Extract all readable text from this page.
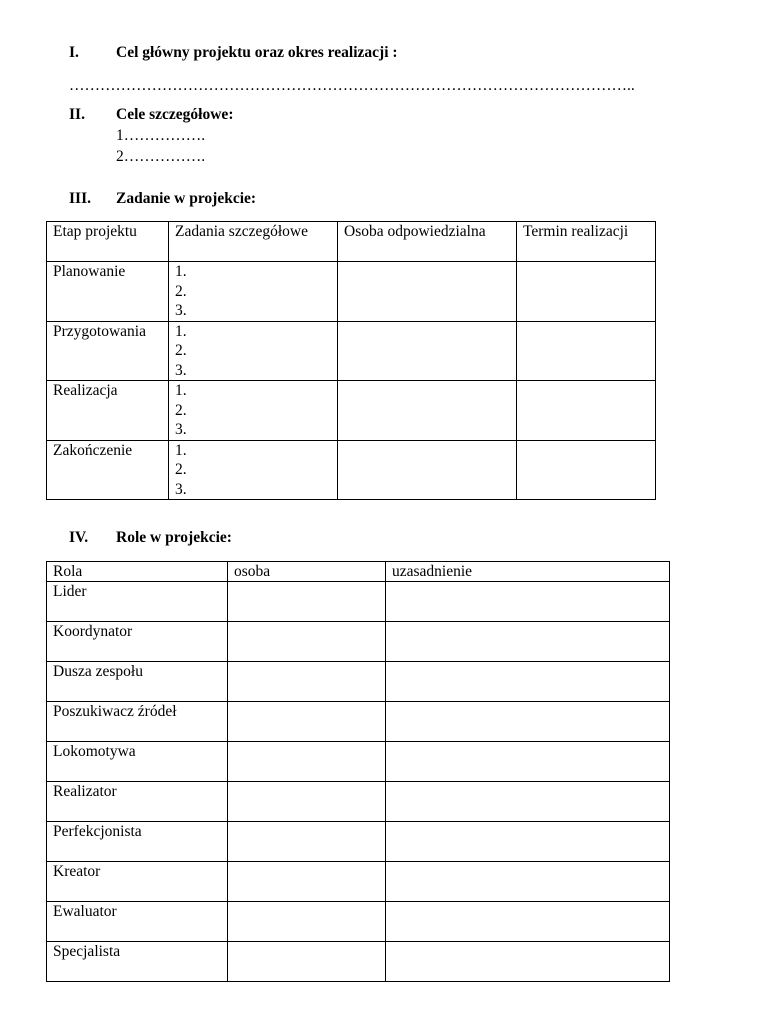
I. Cel główny projektu oraz okres realizacji :
………………………………………………………………………………………………..
II. Cele szczegółowe:
1…………….
2…………….
III. Zadanie w projekcie:
Etap projektu	Zadania szczegółowe	Osoba odpowiedzialna	Termin realizacji
Planowanie	1.
2.
3.		

Przygotowania	1.
2.
3.		

Realizacja	1.
2.
3.		

Zakończenie	1.
2.
3.		

IV. Role w projekcie:
Rola	osoba	uzasadnienie
Lider		
Koordynator		
Dusza zespołu		
Poszukiwacz źródeł		
Lokomotywa		
Realizator		
Perfekcjonista		
Kreator		
Ewaluator		
Specjalista		
